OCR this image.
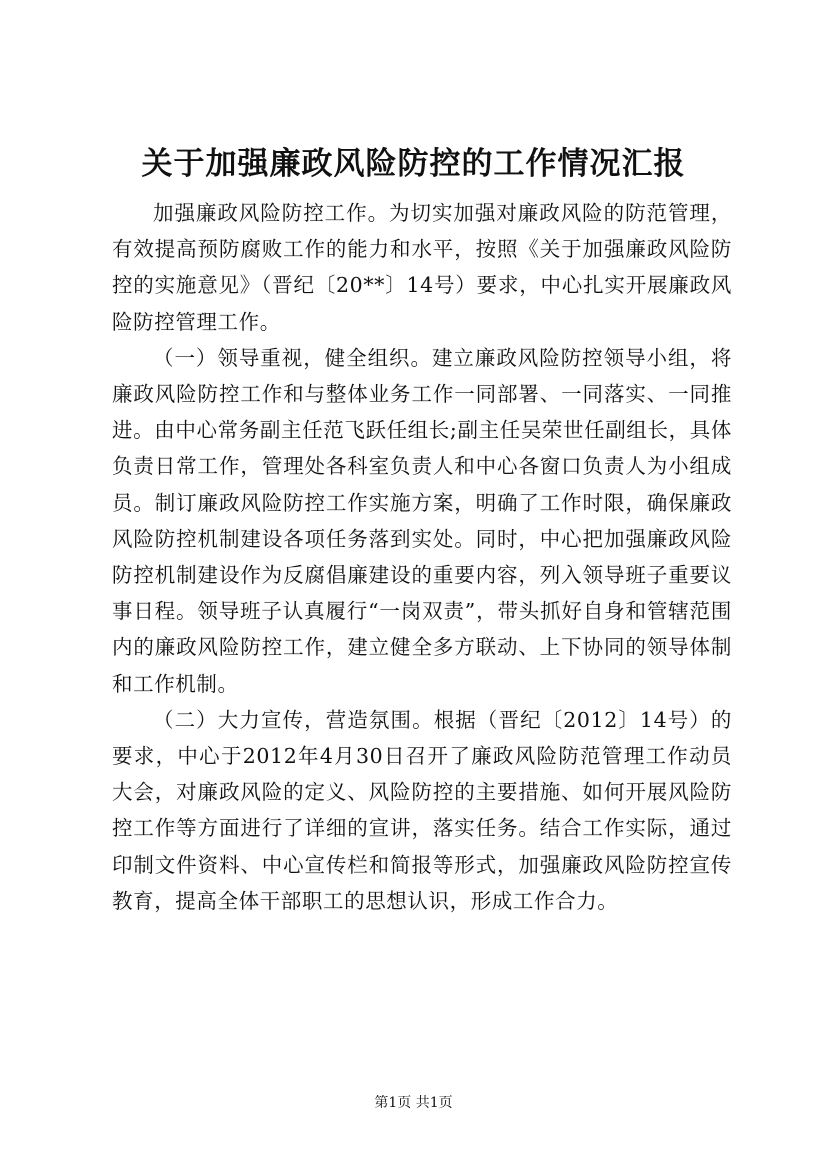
关于加强廉政风险防控的工作情况汇报

加强廉政风险防控工作。为切实加强对廉政风险的防范管理，有效提高预防腐败工作的能力和水平，按照《关于加强廉政风险防控的实施意见》（晋纪〔20**〕14号）要求，中心扎实开展廉政风险防控管理工作。

（一）领导重视，健全组织。建立廉政风险防控领导小组，将廉政风险防控工作和与整体业务工作一同部署、一同落实、一同推进。由中心常务副主任范飞跃任组长;副主任吴荣世任副组长，具体负责日常工作，管理处各科室负责人和中心各窗口负责人为小组成员。制订廉政风险防控工作实施方案，明确了工作时限，确保廉政风险防控机制建设各项任务落到实处。同时，中心把加强廉政风险防控机制建设作为反腐倡廉建设的重要内容，列入领导班子重要议事日程。领导班子认真履行“一岗双责”，带头抓好自身和管辖范围内的廉政风险防控工作，建立健全多方联动、上下协同的领导体制和工作机制。

（二）大力宣传，营造氛围。根据（晋纪〔2012〕14号）的要求，中心于2012年4月30日召开了廉政风险防范管理工作动员大会，对廉政风险的定义、风险防控的主要措施、如何开展风险防控工作等方面进行了详细的宣讲，落实任务。结合工作实际，通过印制文件资料、中心宣传栏和简报等形式，加强廉政风险防控宣传教育，提高全体干部职工的思想认识，形成工作合力。

第1页 共1页
